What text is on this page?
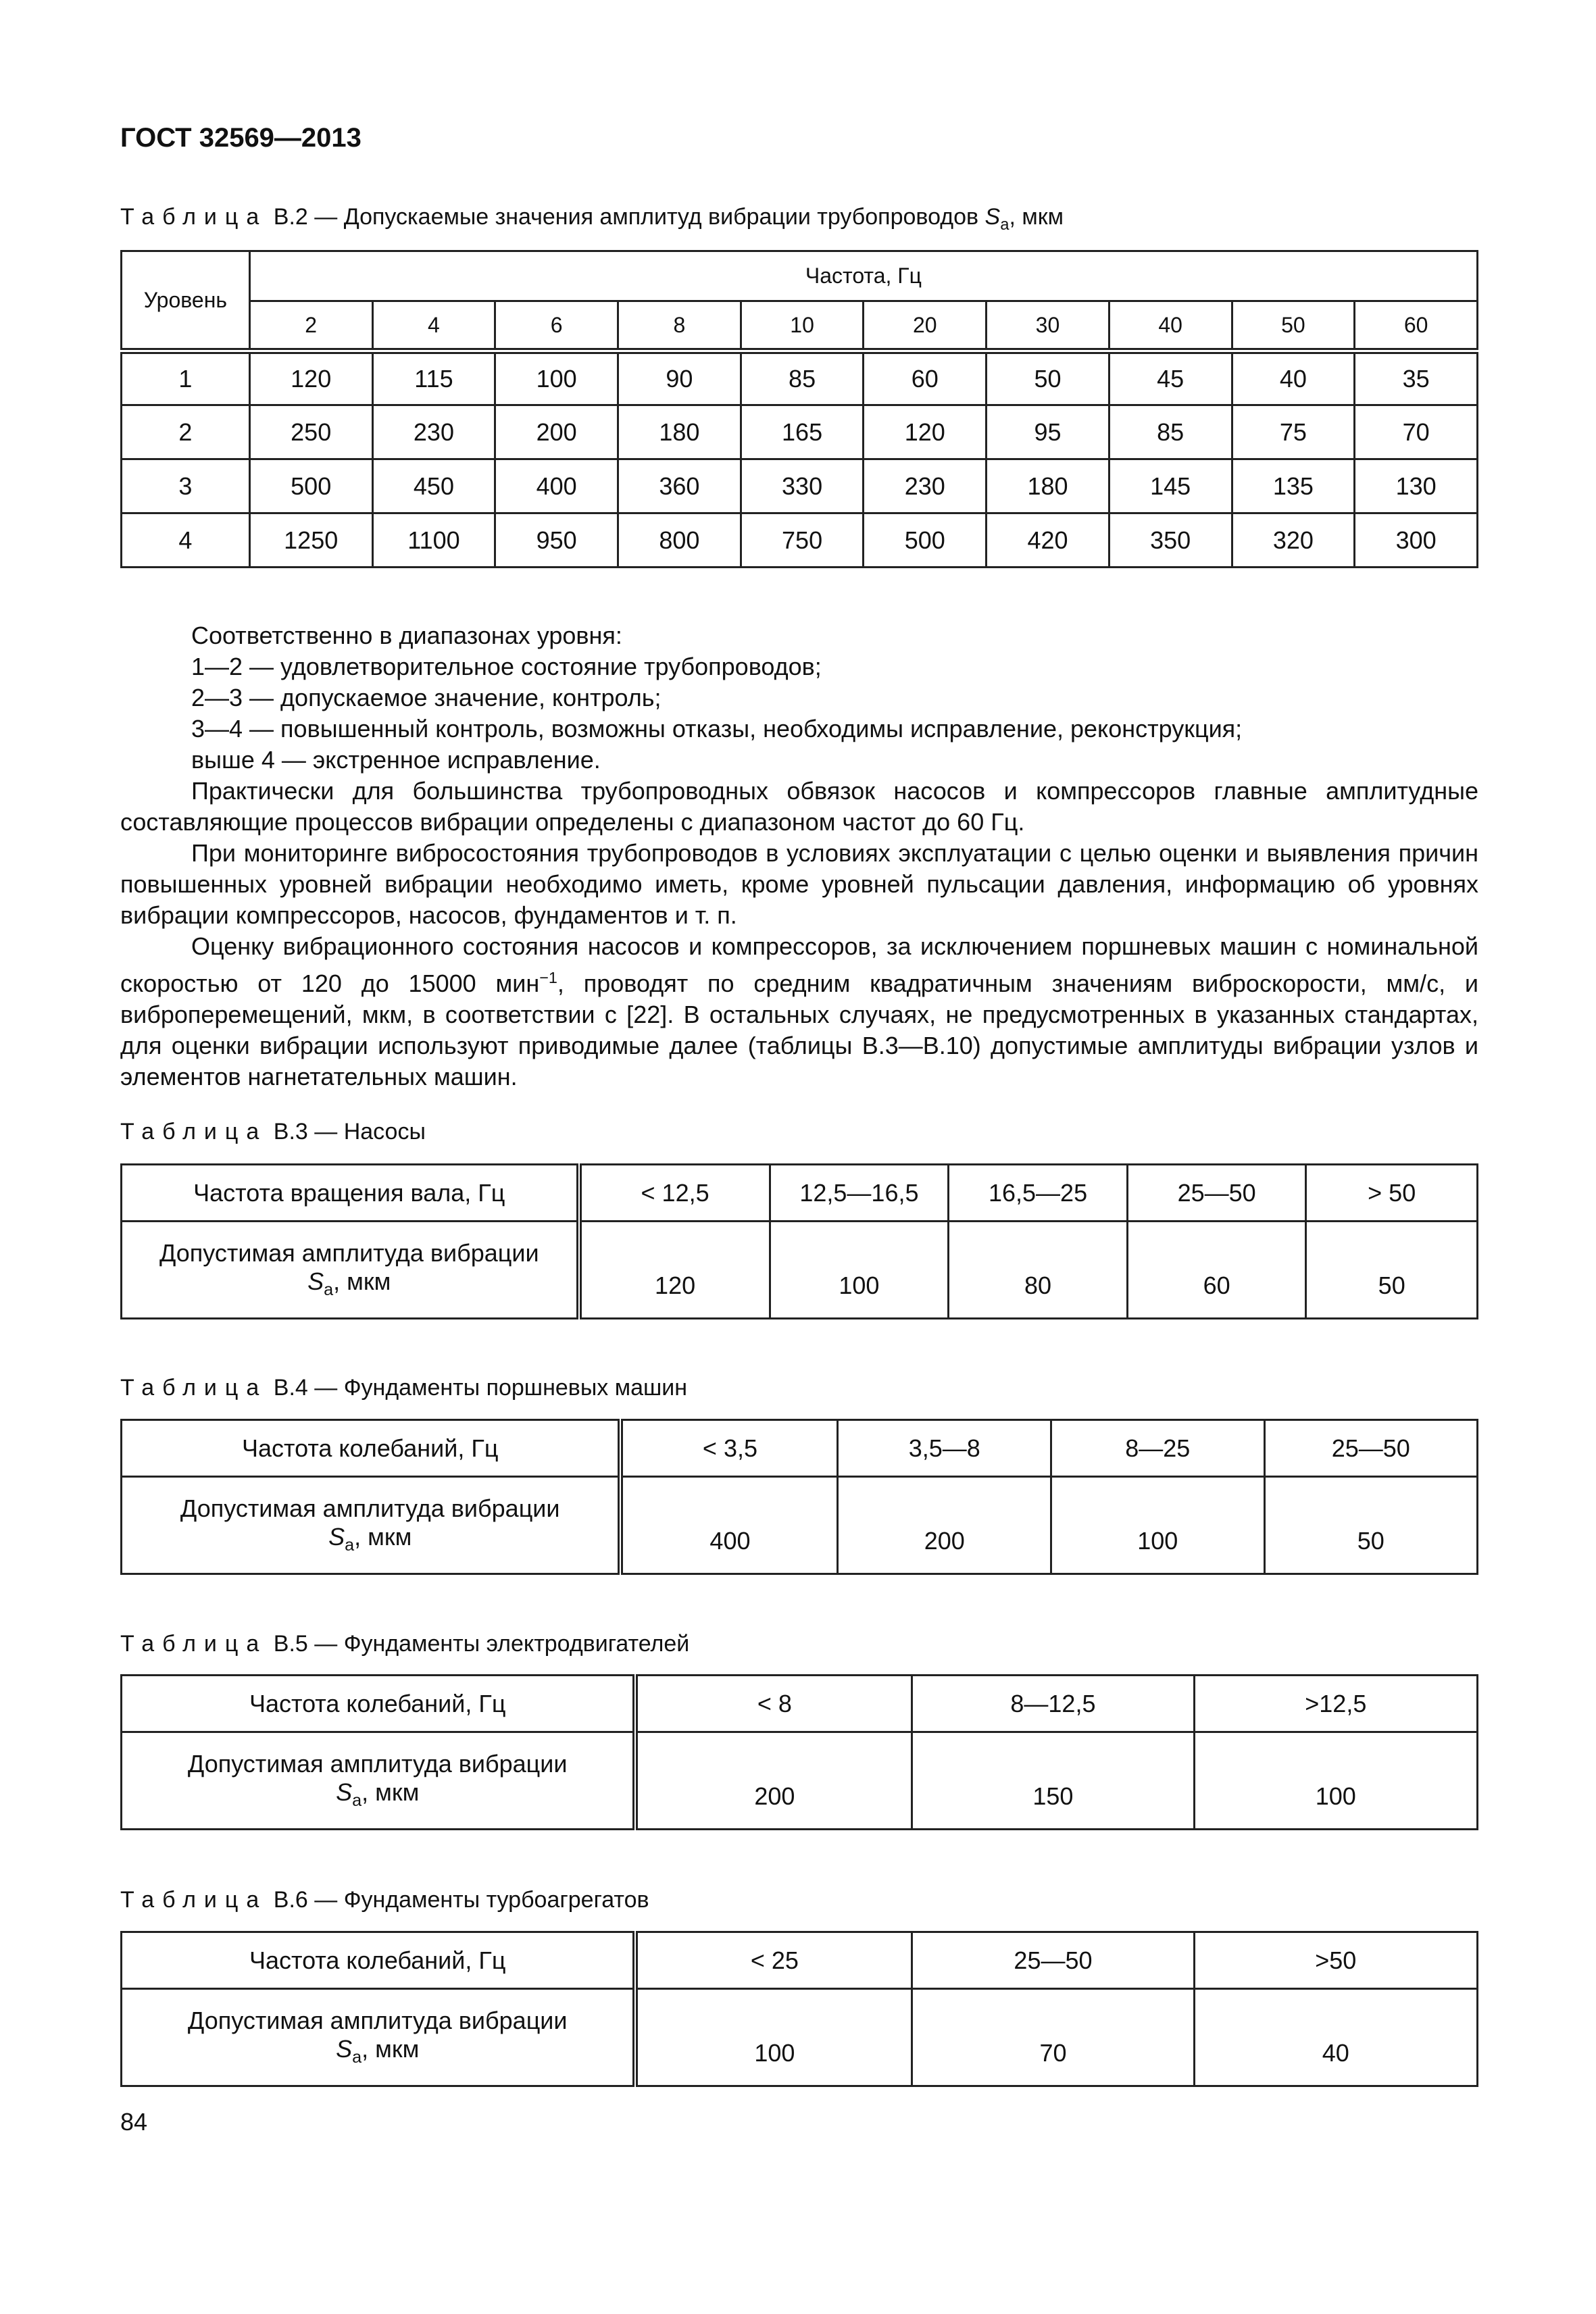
ГОСТ 32569—2013
Таблица В.2 — Допускаемые значения амплитуд вибрации трубопроводов $S_a$, мкм
Уровень	Частота, Гц									
	2	4	6	8	10	20	30	40	50	60
1	120	115	100	90	85	60	50	45	40	35
2	250	230	200	180	165	120	95	85	75	70
3	500	450	400	360	330	230	180	145	135	130
4	1250	1100	950	800	750	500	420	350	320	300
Соответственно в диапазонах уровня:
1—2 — удовлетворительное состояние трубопроводов;
2—3 — допускаемое значение, контроль;
3—4 — повышенный контроль, возможны отказы, необходимы исправление, реконструкция;
выше 4 — экстренное исправление.
Практически для большинства трубопроводных обвязок насосов и компрессоров главные амплитудные составляющие процессов вибрации определены с диапазоном частот до 60 Гц.
При мониторинге вибросостояния трубопроводов в условиях эксплуатации с целью оценки и выявления причин повышенных уровней вибрации необходимо иметь, кроме уровней пульсации давления, информацию об уровнях вибрации компрессоров, насосов, фундаментов и т. п.
Оценку вибрационного состояния насосов и компрессоров, за исключением поршневых машин с номинальной скоростью от 120 до 15000 мин$^{-1}$, проводят по средним квадратичным значениям виброскорости, мм/с, и виброперемещений, мкм, в соответствии с [22]. В остальных случаях, не предусмотренных в указанных стандартах, для оценки вибрации используют приводимые далее (таблицы В.3—В.10) допустимые амплитуды вибрации узлов и элементов нагнетательных машин.
Таблица В.3 — Насосы
Частота вращения вала, Гц	< 12,5	12,5—16,5	16,5—25	25—50	> 50

Допустимая амплитуда вибрации
$S_a$, мкм	120	100	80	60	50
Таблица В.4 — Фундаменты поршневых машин
Частота колебаний, Гц	< 3,5	3,5—8	8—25	25—50

Допустимая амплитуда вибрации
$S_a$, мкм	400	200	100	50
Таблица В.5 — Фундаменты электродвигателей
Частота колебаний, Гц	< 8	8—12,5	>12,5

Допустимая амплитуда вибрации
$S_a$, мкм	200	150	100
Таблица В.6 — Фундаменты турбоагрегатов
Частота колебаний, Гц	< 25	25—50	>50

Допустимая амплитуда вибрации
$S_a$, мкм	100	70	40
84
